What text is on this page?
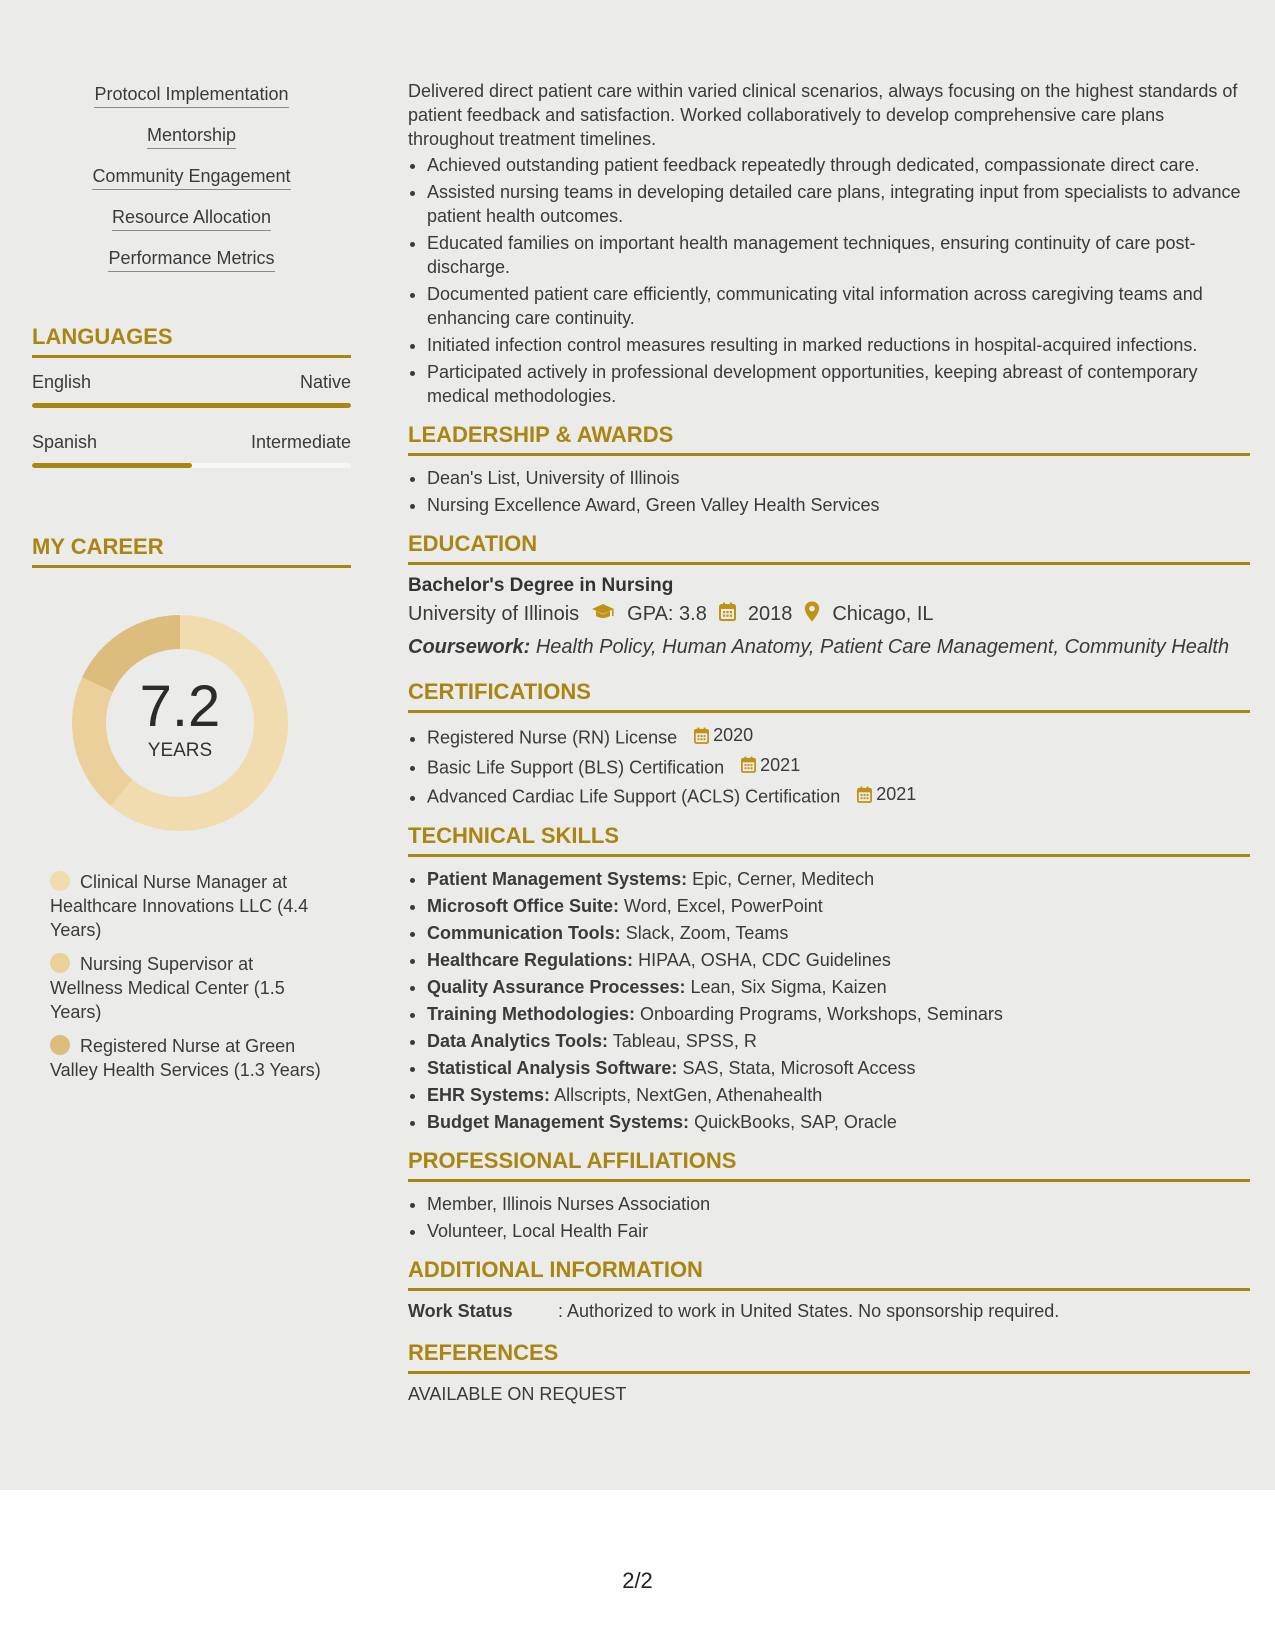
Protocol Implementation
Mentorship
Community Engagement
Resource Allocation
Performance Metrics
LANGUAGES
English	Native
Spanish	Intermediate
MY CAREER
7.2
YEARS
Clinical Nurse Manager at Healthcare Innovations LLC (4.4 Years)
Nursing Supervisor at Wellness Medical Center (1.5 Years)
Registered Nurse at Green Valley Health Services (1.3 Years)
Delivered direct patient care within varied clinical scenarios, always focusing on the highest standards of patient feedback and satisfaction. Worked collaboratively to develop comprehensive care plans throughout treatment timelines.
• Achieved outstanding patient feedback repeatedly through dedicated, compassionate direct care.
• Assisted nursing teams in developing detailed care plans, integrating input from specialists to advance patient health outcomes.
• Educated families on important health management techniques, ensuring continuity of care post-discharge.
• Documented patient care efficiently, communicating vital information across caregiving teams and enhancing care continuity.
• Initiated infection control measures resulting in marked reductions in hospital-acquired infections.
• Participated actively in professional development opportunities, keeping abreast of contemporary medical methodologies.
LEADERSHIP & AWARDS
• Dean's List, University of Illinois
• Nursing Excellence Award, Green Valley Health Services
EDUCATION
Bachelor's Degree in Nursing
University of Illinois GPA: 3.8 2018 Chicago, IL
Coursework: Health Policy, Human Anatomy, Patient Care Management, Community Health
CERTIFICATIONS
• Registered Nurse (RN) License 2020
• Basic Life Support (BLS) Certification 2021
• Advanced Cardiac Life Support (ACLS) Certification 2021
TECHNICAL SKILLS
• Patient Management Systems: Epic, Cerner, Meditech
• Microsoft Office Suite: Word, Excel, PowerPoint
• Communication Tools: Slack, Zoom, Teams
• Healthcare Regulations: HIPAA, OSHA, CDC Guidelines
• Quality Assurance Processes: Lean, Six Sigma, Kaizen
• Training Methodologies: Onboarding Programs, Workshops, Seminars
• Data Analytics Tools: Tableau, SPSS, R
• Statistical Analysis Software: SAS, Stata, Microsoft Access
• EHR Systems: Allscripts, NextGen, Athenahealth
• Budget Management Systems: QuickBooks, SAP, Oracle
PROFESSIONAL AFFILIATIONS
• Member, Illinois Nurses Association
• Volunteer, Local Health Fair
ADDITIONAL INFORMATION
Work Status	: Authorized to work in United States. No sponsorship required.
REFERENCES
AVAILABLE ON REQUEST
2/2
